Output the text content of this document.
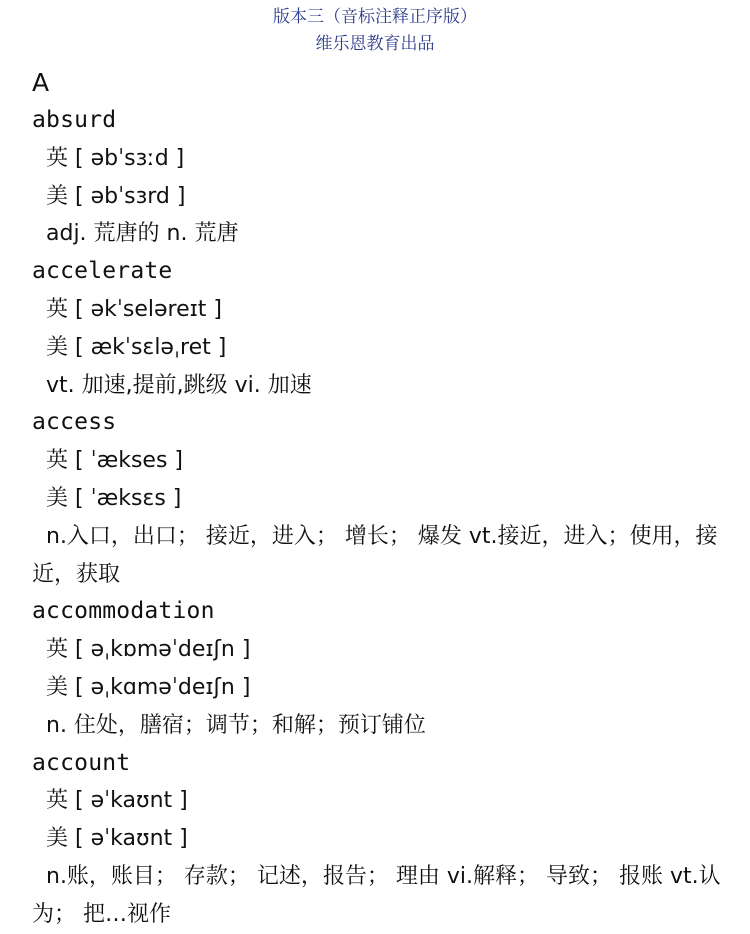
版本三（音标注释正序版）
维乐恩教育出品
A
absurd
英 [ əbˈsɜːd ]
美 [ əbˈsɜrd ]
adj. 荒唐的 n. 荒唐
accelerate
英 [ əkˈseləreɪt ]
美 [ ækˈsɛləˌret ]
vt. 加速,提前,跳级 vi. 加速
access
英 [ ˈækses ]
美 [ ˈæksɛs ]
n.入口，出口； 接近，进入； 增长； 爆发 vt.接近，进入；使用，接近，获取
accommodation
英 [ əˌkɒməˈdeɪʃn ]
美 [ əˌkɑməˈdeɪʃn ]
n. 住处，膳宿；调节；和解；预订铺位
account
英 [ əˈkaʊnt ]
美 [ əˈkaʊnt ]
n.账，账目； 存款； 记述，报告； 理由 vi.解释； 导致； 报账 vt.认为； 把…视作
